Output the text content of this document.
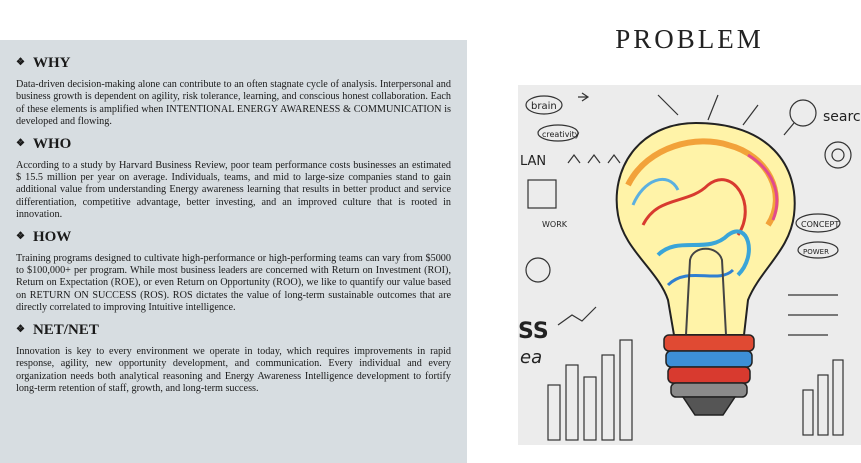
❖ WHY

Data-driven decision-making alone can contribute to an often stagnate cycle of analysis. Interpersonal and business growth is dependent on agility, risk tolerance, learning, and conscious honest collaboration. Each of these elements is amplified when INTENTIONAL ENERGY AWARENESS & COMMUNICATION is developed and flowing.

❖ WHO

According to a study by Harvard Business Review, poor team performance costs businesses an estimated $ 15.5 million per year on average. Individuals, teams, and mid to large-size companies stand to gain additional value from understanding Energy awareness learning that results in better product and service differentiation, competitive advantage, better investing, and an improved culture that is rooted in innovation.

❖ HOW

Training programs designed to cultivate high-performance or high-performing teams can vary from $5000 to $100,000+ per program. While most business leaders are concerned with Return on Investment (ROI), Return on Expectation (ROE), or even Return on Opportunity (ROO), we like to quantify our value based on RETURN ON SUCCESS (ROS). ROS dictates the value of long-term sustainable outcomes that are directly correlated to improving Intuitive intelligence.

❖ NET/NET

Innovation is key to every environment we operate in today, which requires improvements in rapid response, agility, new opportunity development, and communication. Every individual and every organization needs both analytical reasoning and Energy Awareness Intelligence development to fortify long-term retention of staff, growth, and long-term success.

PROBLEM
brain
creativity
LAN
WORK	CONCEPT
POWER
SS
ea
searc
